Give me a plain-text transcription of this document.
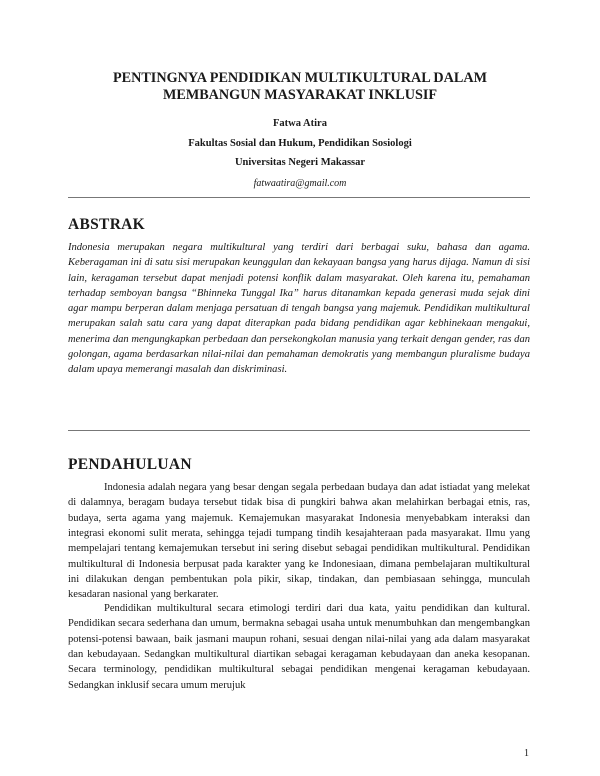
PENTINGNYA PENDIDIKAN MULTIKULTURAL DALAM
MEMBANGUN MASYARAKAT INKLUSIF
Fatwa Atira
Fakultas Sosial dan Hukum, Pendidikan Sosiologi
Universitas Negeri Makassar
fatwaatira@gmail.com
ABSTRAK

Indonesia merupakan negara multikultural yang terdiri dari berbagai suku, bahasa dan agama. Keberagaman ini di satu sisi merupakan keunggulan dan kekayaan bangsa yang harus dijaga. Namun di sisi lain, keragaman tersebut dapat menjadi potensi konflik dalam masyarakat. Oleh karena itu, pemahaman terhadap semboyan bangsa “Bhinneka Tunggal Ika” harus ditanamkan kepada generasi muda sejak dini agar mampu berperan dalam menjaga persatuan di tengah bangsa yang majemuk. Pendidikan multikultural merupakan salah satu cara yang dapat diterapkan pada bidang pendidikan agar kebhinekaan mengakui, menerima dan mengungkapkan perbedaan dan persekongkolan manusia yang terkait dengan gender, ras dan golongan, agama berdasarkan nilai-nilai dan pemahaman demokratis yang membangun pluralisme budaya dalam upaya memerangi masalah dan diskriminasi.

PENDAHULUAN

Indonesia adalah negara yang besar dengan segala perbedaan budaya dan adat istiadat yang melekat di dalamnya, beragam budaya tersebut tidak bisa di pungkiri bahwa akan melahirkan berbagai etnis, ras, budaya, serta agama yang majemuk. Kemajemukan masyarakat Indonesia menyebabkam interaksi dan integrasi ekonomi sulit merata, sehingga tejadi tumpang tindih kesajahteraan pada masyarakat. Ilmu yang mempelajari tentang kemajemukan tersebut ini sering disebut sebagai pendidikan multikultural. Pendidikan multikultural di Indonesia berpusat pada karakter yang ke Indonesiaan, dimana pembelajaran multikultural ini dilakukan dengan pembentukan pola pikir, sikap, tindakan, dan pembiasaan sehingga, munculah kesadaran nasional yang berkarater.

Pendidikan multikultural secara etimologi terdiri dari dua kata, yaitu pendidikan dan kultural. Pendidikan secara sederhana dan umum, bermakna sebagai usaha untuk menumbuhkan dan mengembangkan potensi-potensi bawaan, baik jasmani maupun rohani, sesuai dengan nilai-nilai yang ada dalam masyarakat dan kebudayaan. Sedangkan multikultural diartikan sebagai keragaman kebudayaan dan aneka kesopanan. Secara terminology, pendidikan multikultural sebagai pendidikan mengenai keragaman kebudayaan. Sedangkan inklusif secara umum merujuk

1
